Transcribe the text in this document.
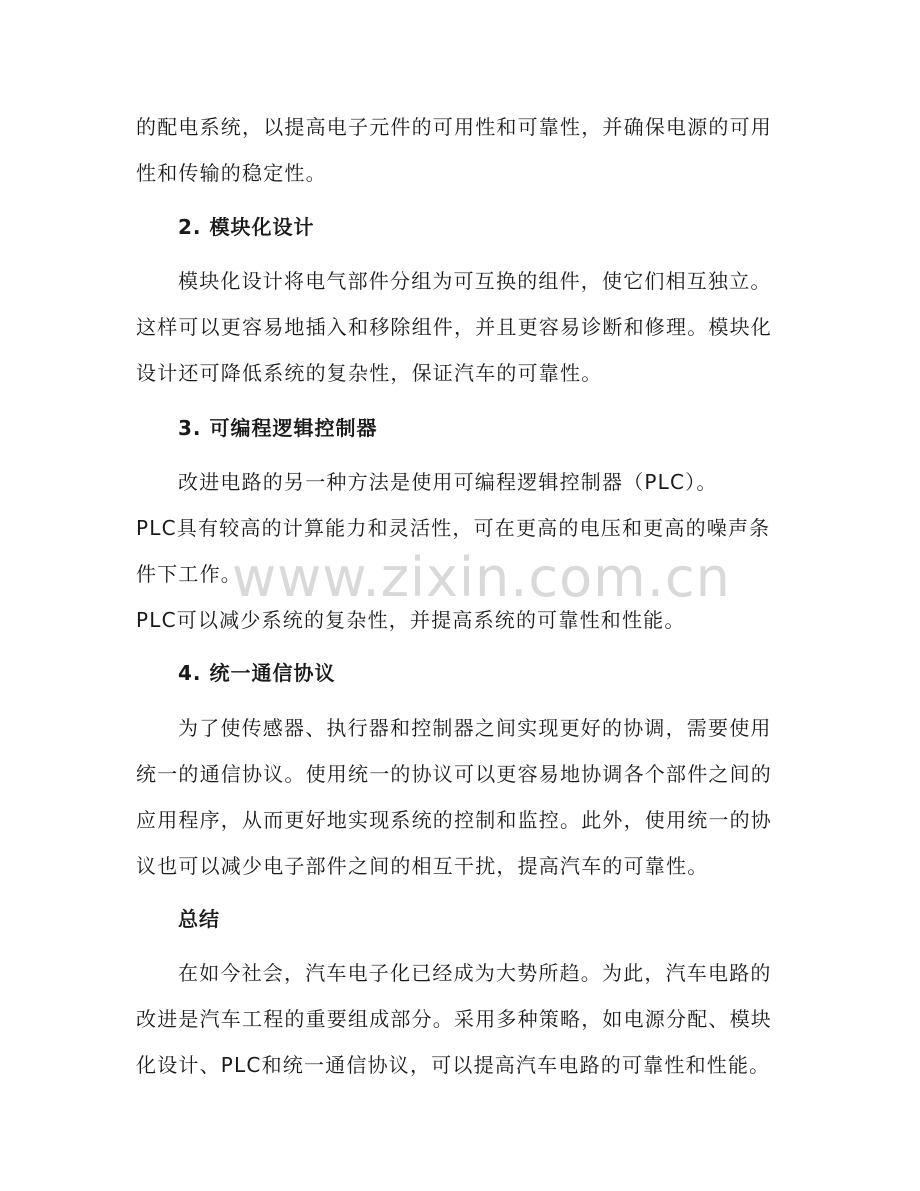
的配电系统，以提高电子元件的可用性和可靠性，并确保电源的可用
性和传输的稳定性。
2. 模块化设计
模块化设计将电气部件分组为可互换的组件，使它们相互独立。
这样可以更容易地插入和移除组件，并且更容易诊断和修理。模块化
设计还可降低系统的复杂性，保证汽车的可靠性。
3. 可编程逻辑控制器
改进电路的另一种方法是使用可编程逻辑控制器（PLC）。
PLC具有较高的计算能力和灵活性，可在更高的电压和更高的噪声条
件下工作。
PLC可以减少系统的复杂性，并提高系统的可靠性和性能。
4. 统一通信协议
为了使传感器、执行器和控制器之间实现更好的协调，需要使用
统一的通信协议。使用统一的协议可以更容易地协调各个部件之间的
应用程序，从而更好地实现系统的控制和监控。此外，使用统一的协
议也可以减少电子部件之间的相互干扰，提高汽车的可靠性。
总结
在如今社会，汽车电子化已经成为大势所趋。为此，汽车电路的
改进是汽车工程的重要组成部分。采用多种策略，如电源分配、模块
化设计、PLC和统一通信协议，可以提高汽车电路的可靠性和性能。
www.zixin.com.cn
